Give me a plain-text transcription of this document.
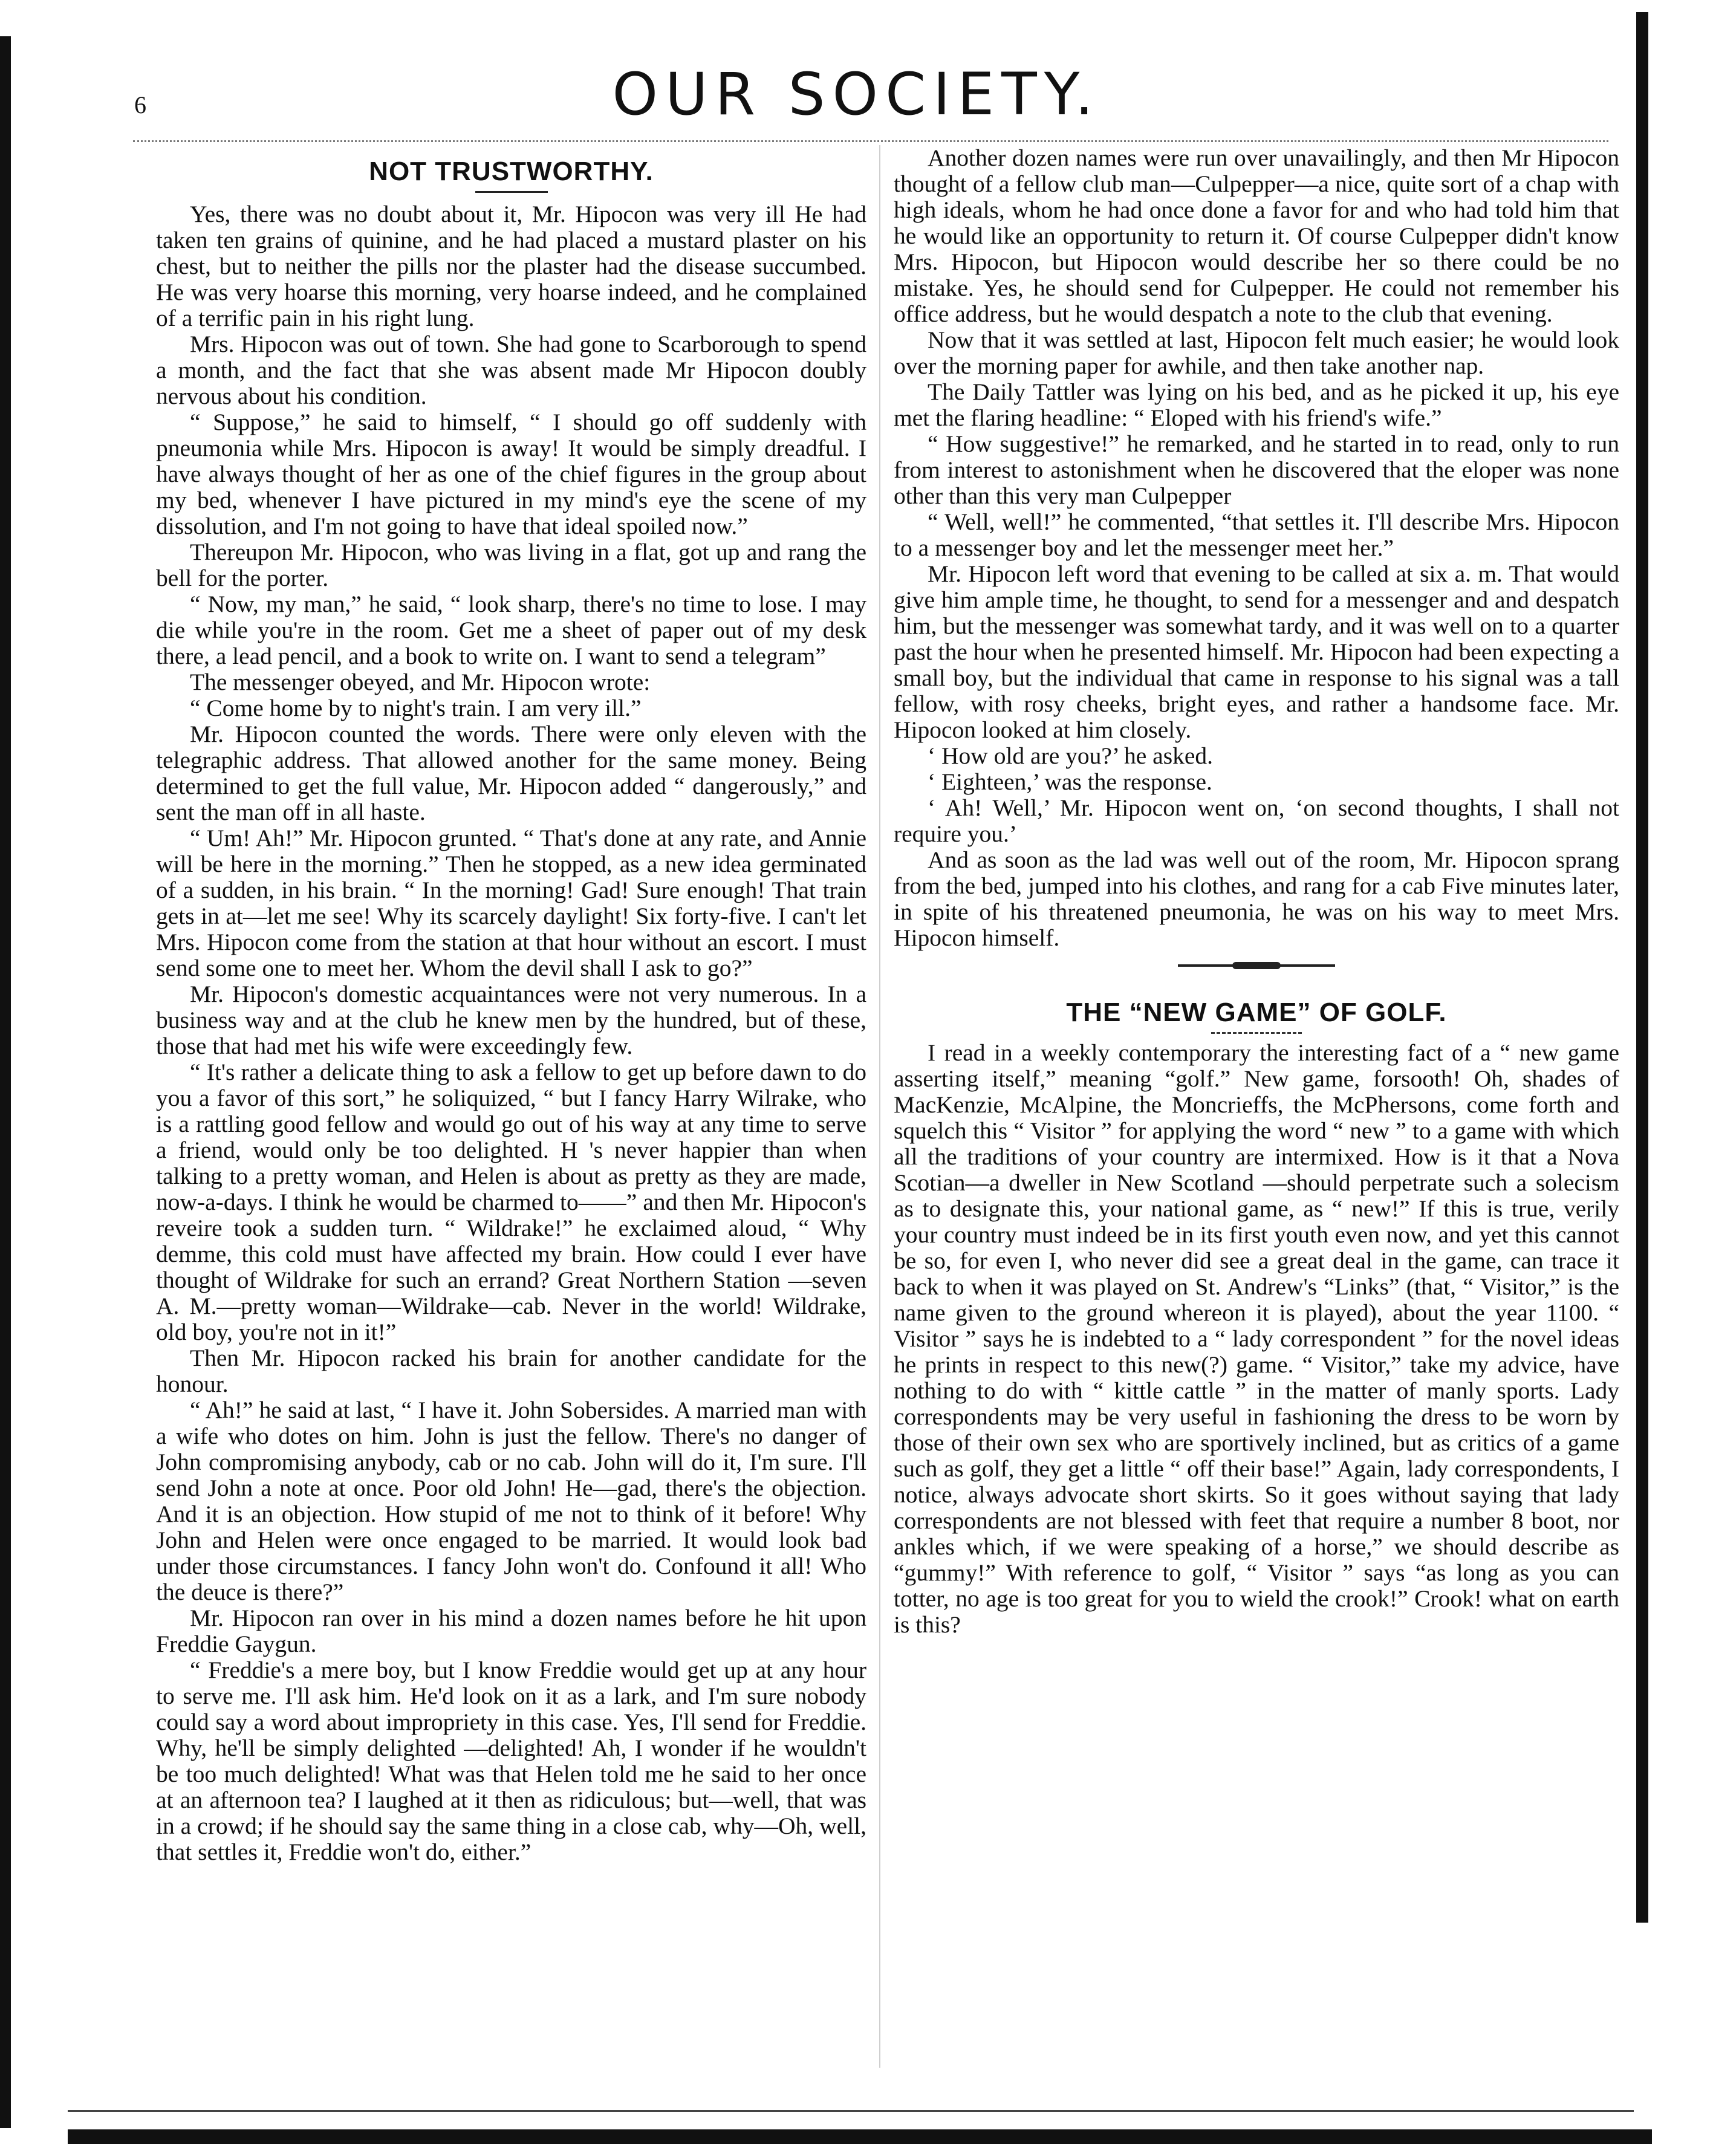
6	OUR SOCIETY.
NOT TRUSTWORTHY.

Yes, there was no doubt about it, Mr. Hipocon was very ill He had taken ten grains of quinine, and he had placed a mustard plaster on his chest, but to neither the pills nor the plaster had the disease succumbed. He was very hoarse this morning, very hoarse indeed, and he complained of a terrific pain in his right lung.

Mrs. Hipocon was out of town. She had gone to Scarborough to spend a month, and the fact that she was absent made Mr Hipocon doubly nervous about his condition.

“ Suppose,” he said to himself, “ I should go off suddenly with pneumonia while Mrs. Hipocon is away! It would be simply dreadful. I have always thought of her as one of the chief figures in the group about my bed, whenever I have pictured in my mind's eye the scene of my dissolution, and I'm not going to have that ideal spoiled now.”

Thereupon Mr. Hipocon, who was living in a flat, got up and rang the bell for the porter.

“ Now, my man,” he said, “ look sharp, there's no time to lose. I may die while you're in the room. Get me a sheet of paper out of my desk there, a lead pencil, and a book to write on. I want to send a telegram”

The messenger obeyed, and Mr. Hipocon wrote:

“ Come home by to night's train. I am very ill.”

Mr. Hipocon counted the words. There were only eleven with the telegraphic address. That allowed another for the same money. Being determined to get the full value, Mr. Hipocon added “ dangerously,” and sent the man off in all haste.

“ Um! Ah!” Mr. Hipocon grunted. “ That's done at any rate, and Annie will be here in the morning.” Then he stopped, as a new idea germinated of a sudden, in his brain. “ In the morning! Gad! Sure enough! That train gets in at—let me see! Why its scarcely daylight! Six forty-five. I can't let Mrs. Hipocon come from the station at that hour without an escort. I must send some one to meet her. Whom the devil shall I ask to go?”

Mr. Hipocon's domestic acquaintances were not very numerous. In a business way and at the club he knew men by the hundred, but of these, those that had met his wife were exceedingly few.

“ It's rather a delicate thing to ask a fellow to get up before dawn to do you a favor of this sort,” he soliquized, “ but I fancy Harry Wilrake, who is a rattling good fellow and would go out of his way at any time to serve a friend, would only be too delighted. H 's never happier than when talking to a pretty woman, and Helen is about as pretty as they are made, now-a-days. I think he would be charmed to——” and then Mr. Hipocon's reveire took a sudden turn. “ Wildrake!” he exclaimed aloud, “ Why demme, this cold must have affected my brain. How could I ever have thought of Wildrake for such an errand? Great Northern Station —seven A. M.—pretty woman—Wildrake—cab. Never in the world! Wildrake, old boy, you're not in it!”

Then Mr. Hipocon racked his brain for another candidate for the honour.

“ Ah!” he said at last, “ I have it. John Sobersides. A married man with a wife who dotes on him. John is just the fellow. There's no danger of John compromising anybody, cab or no cab. John will do it, I'm sure. I'll send John a note at once. Poor old John! He—gad, there's the objection. And it is an objection. How stupid of me not to think of it before! Why John and Helen were once engaged to be married. It would look bad under those circumstances. I fancy John won't do. Confound it all! Who the deuce is there?”

Mr. Hipocon ran over in his mind a dozen names before he hit upon Freddie Gaygun.

“ Freddie's a mere boy, but I know Freddie would get up at any hour to serve me. I'll ask him. He'd look on it as a lark, and I'm sure nobody could say a word about impropriety in this case. Yes, I'll send for Freddie. Why, he'll be simply delighted —delighted! Ah, I wonder if he wouldn't be too much delighted! What was that Helen told me he said to her once at an afternoon tea? I laughed at it then as ridiculous; but—well, that was in a crowd; if he should say the same thing in a close cab, why—Oh, well, that settles it, Freddie won't do, either.”

Another dozen names were run over unavailingly, and then Mr Hipocon thought of a fellow club man—Culpepper—a nice, quite sort of a chap with high ideals, whom he had once done a favor for and who had told him that he would like an opportunity to return it. Of course Culpepper didn't know Mrs. Hipocon, but Hipocon would describe her so there could be no mistake. Yes, he should send for Culpepper. He could not remember his office address, but he would despatch a note to the club that evening.

Now that it was settled at last, Hipocon felt much easier; he would look over the morning paper for awhile, and then take another nap.

The Daily Tattler was lying on his bed, and as he picked it up, his eye met the flaring headline: “ Eloped with his friend's wife.”

“ How suggestive!” he remarked, and he started in to read, only to run from interest to astonishment when he discovered that the eloper was none other than this very man Culpepper

“ Well, well!” he commented, “that settles it. I'll describe Mrs. Hipocon to a messenger boy and let the messenger meet her.”

Mr. Hipocon left word that evening to be called at six a. m. That would give him ample time, he thought, to send for a messenger and and despatch him, but the messenger was somewhat tardy, and it was well on to a quarter past the hour when he presented himself. Mr. Hipocon had been expecting a small boy, but the individual that came in response to his signal was a tall fellow, with rosy cheeks, bright eyes, and rather a handsome face. Mr. Hipocon looked at him closely.

‘ How old are you?’ he asked.

‘ Eighteen,’ was the response.

‘ Ah! Well,’ Mr. Hipocon went on, ‘on second thoughts, I shall not require you.’

And as soon as the lad was well out of the room, Mr. Hipocon sprang from the bed, jumped into his clothes, and rang for a cab Five minutes later, in spite of his threatened pneumonia, he was on his way to meet Mrs. Hipocon himself.

THE “NEW GAME” OF GOLF.

I read in a weekly contemporary the interesting fact of a “ new game asserting itself,” meaning “golf.” New game, forsooth! Oh, shades of MacKenzie, McAlpine, the Moncrieffs, the McPhersons, come forth and squelch this “ Visitor ” for applying the word “ new ” to a game with which all the traditions of your country are intermixed. How is it that a Nova Scotian—a dweller in New Scotland —should perpetrate such a solecism as to designate this, your national game, as “ new!” If this is true, verily your country must indeed be in its first youth even now, and yet this cannot be so, for even I, who never did see a great deal in the game, can trace it back to when it was played on St. Andrew's “Links” (that, “ Visitor,” is the name given to the ground whereon it is played), about the year 1100. “ Visitor ” says he is indebted to a “ lady correspondent ” for the novel ideas he prints in respect to this new(?) game. “ Visitor,” take my advice, have nothing to do with “ kittle cattle ” in the matter of manly sports. Lady correspondents may be very useful in fashioning the dress to be worn by those of their own sex who are sportively inclined, but as critics of a game such as golf, they get a little “ off their base!” Again, lady correspondents, I notice, always advocate short skirts. So it goes without saying that lady correspondents are not blessed with feet that require a number 8 boot, nor ankles which, if we were speaking of a horse,” we should describe as “gummy!” With reference to golf, “ Visitor ” says “as long as you can totter, no age is too great for you to wield the crook!” Crook! what on earth is this?
